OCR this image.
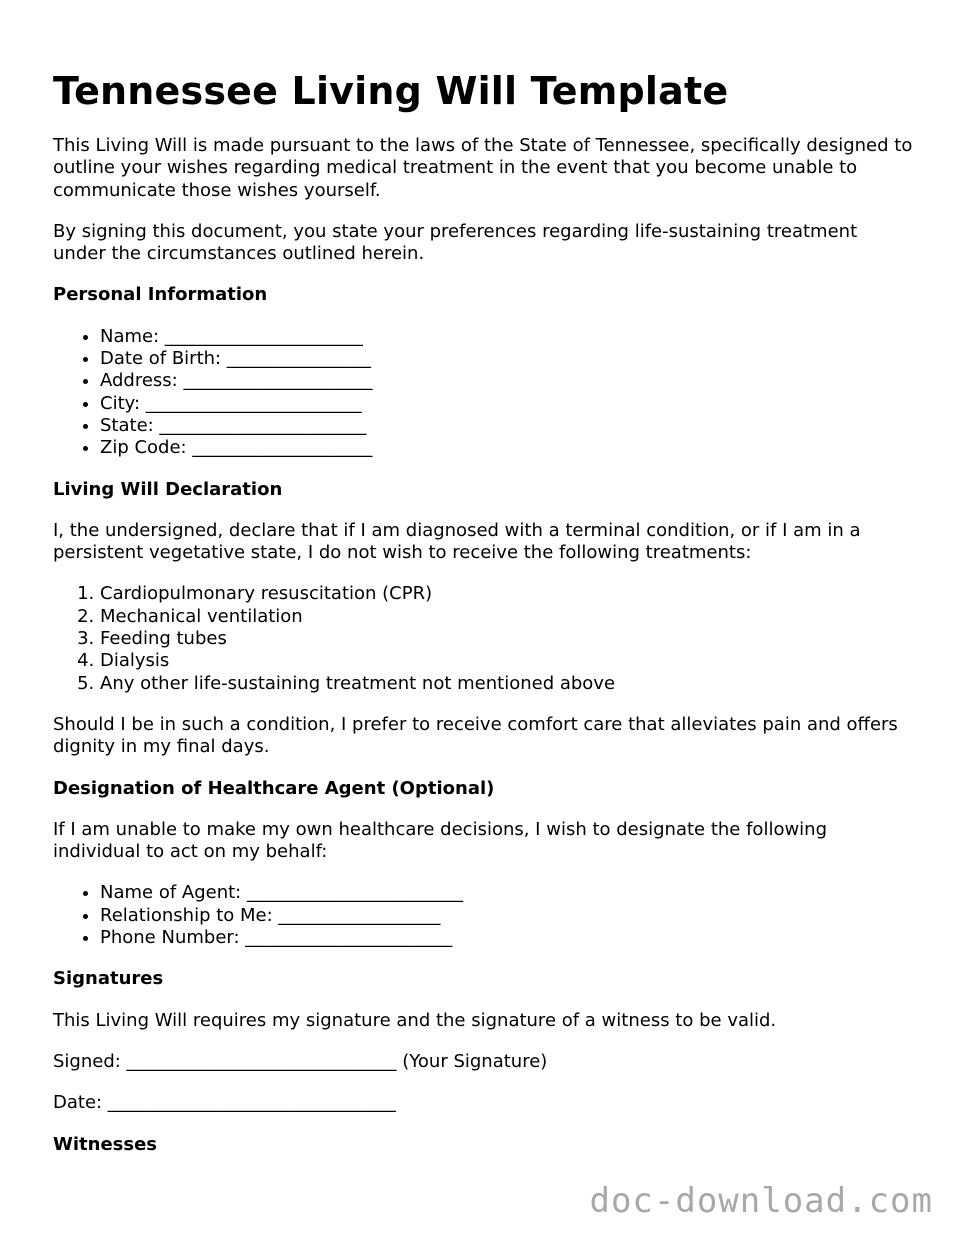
Tennessee Living Will Template

This Living Will is made pursuant to the laws of the State of Tennessee, specifically designed to outline your wishes regarding medical treatment in the event that you become unable to communicate those wishes yourself.

By signing this document, you state your preferences regarding life-sustaining treatment under the circumstances outlined herein.

Personal Information
• Name: ______________________
• Date of Birth: ________________
• Address: _____________________
• City: ________________________
• State: _______________________
• Zip Code: ____________________
Living Will Declaration

I, the undersigned, declare that if I am diagnosed with a terminal condition, or if I am in a persistent vegetative state, I do not wish to receive the following treatments:

1. Cardiopulmonary resuscitation (CPR)
2. Mechanical ventilation
3. Feeding tubes
4. Dialysis
5. Any other life-sustaining treatment not mentioned above

Should I be in such a condition, I prefer to receive comfort care that alleviates pain and offers dignity in my final days.

Designation of Healthcare Agent (Optional)

If I am unable to make my own healthcare decisions, I wish to designate the following individual to act on my behalf:

• Name of Agent: ________________________
• Relationship to Me: __________________
• Phone Number: _______________________
Signatures

This Living Will requires my signature and the signature of a witness to be valid.

Signed: ______________________________ (Your Signature)

Date: ________________________________

Witnesses
doc-download.com
